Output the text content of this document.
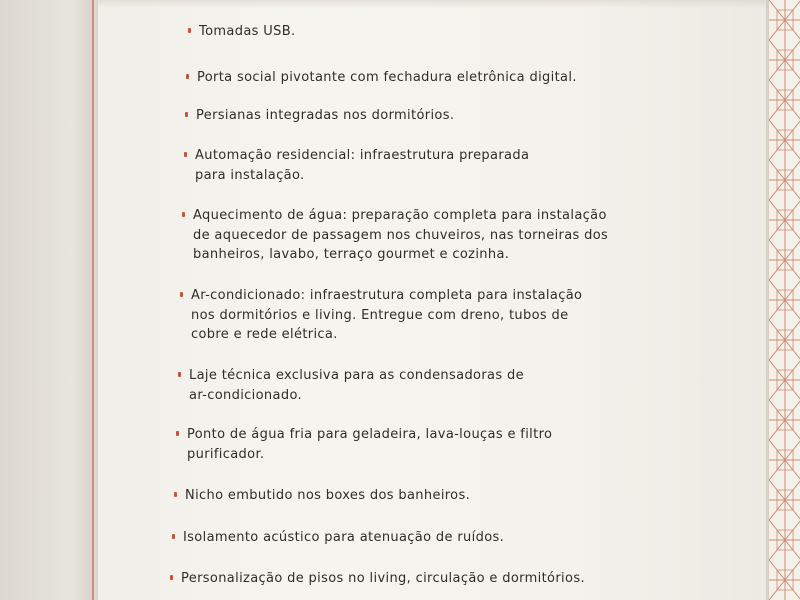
Tomadas USB.
Porta social pivotante com fechadura eletrônica digital.
Persianas integradas nos dormitórios.
Automação residencial: infraestrutura preparada
para instalação.
Aquecimento de água: preparação completa para instalação
de aquecedor de passagem nos chuveiros, nas torneiras dos
banheiros, lavabo, terraço gourmet e cozinha.
Ar-condicionado: infraestrutura completa para instalação
nos dormitórios e living. Entregue com dreno, tubos de
cobre e rede elétrica.
Laje técnica exclusiva para as condensadoras de
ar-condicionado.
Ponto de água fria para geladeira, lava-louças e filtro
purificador.
Nicho embutido nos boxes dos banheiros.
Isolamento acústico para atenuação de ruídos.
Personalização de pisos no living, circulação e dormitórios.
